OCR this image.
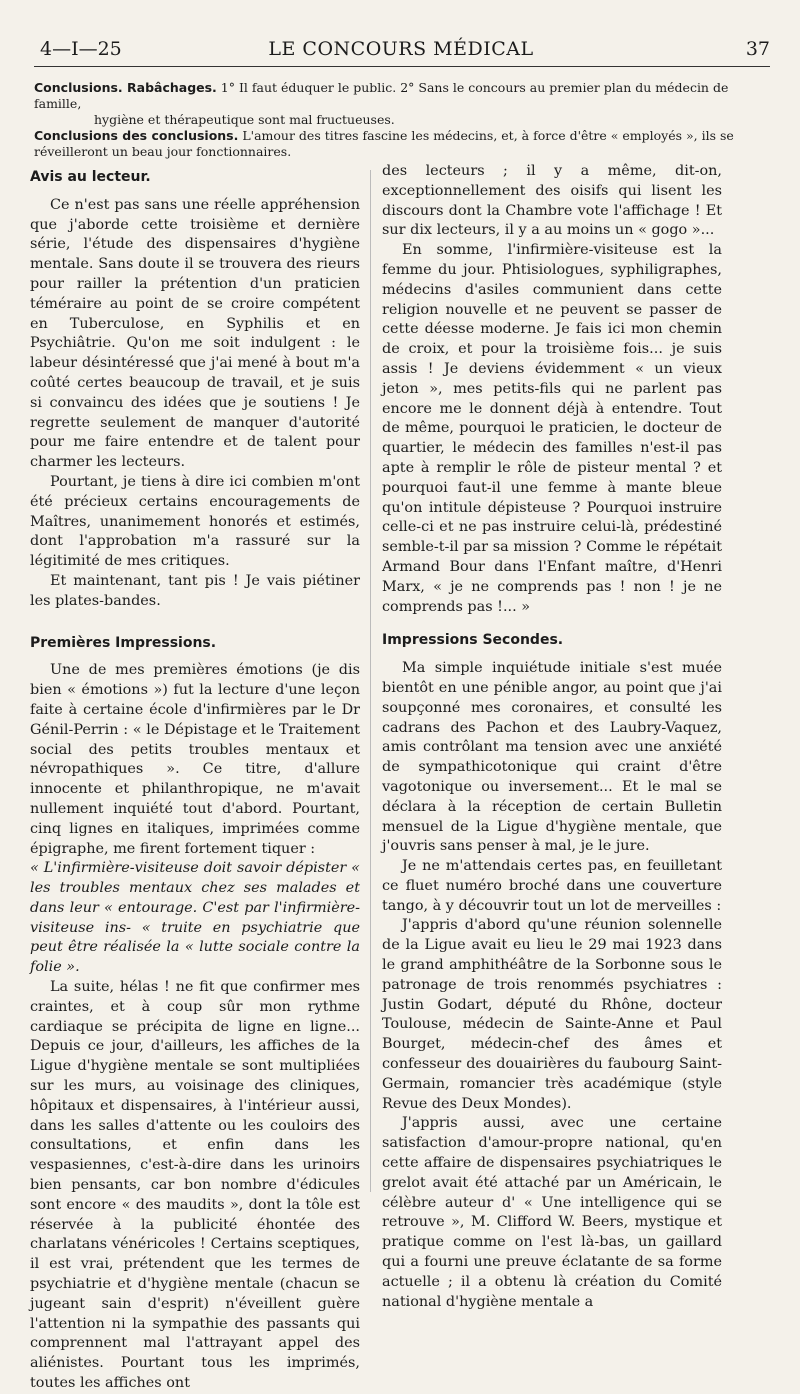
4—I—25	LE CONCOURS MÉDICAL	37

Conclusions. Rabâchages. 1° Il faut éduquer le public. 2° Sans le concours au premier plan du médecin de famille,

hygiène et thérapeutique sont mal fructueuses.

Conclusions des conclusions. L'amour des titres fascine les médecins, et, à force d'être « employés », ils se réveilleront un beau jour fonctionnaires.

Avis au lecteur.

Ce n'est pas sans une réelle appréhension que j'aborde cette troisième et dernière série, l'étude des dispensaires d'hygiène mentale. Sans doute il se trouvera des rieurs pour railler la prétention d'un praticien téméraire au point de se croire compétent en Tuberculose, en Syphilis et en Psychiâtrie. Qu'on me soit indulgent : le labeur désintéressé que j'ai mené à bout m'a coûté certes beaucoup de travail, et je suis si convaincu des idées que je soutiens ! Je regrette seulement de manquer d'autorité pour me faire entendre et de talent pour charmer les lecteurs.

Pourtant, je tiens à dire ici combien m'ont été précieux certains encouragements de Maîtres, unanimement honorés et estimés, dont l'approbation m'a rassuré sur la légitimité de mes critiques.

Et maintenant, tant pis ! Je vais piétiner les plates-bandes.

Premières Impressions.

Une de mes premières émotions (je dis bien « émotions ») fut la lecture d'une leçon faite à certaine école d'infirmières par le Dr Génil-Perrin : « le Dépistage et le Traitement social des petits troubles mentaux et névropathiques ». Ce titre, d'allure innocente et philanthropique, ne m'avait nullement inquiété tout d'abord. Pourtant, cinq lignes en italiques, imprimées comme épigraphe, me firent fortement tiquer :

« L'infirmière-visiteuse doit savoir dépister « les troubles mentaux chez ses malades et dans leur « entourage. C'est par l'infirmière-visiteuse ins- « truite en psychiatrie que peut être réalisée la « lutte sociale contre la folie ».

La suite, hélas ! ne fit que confirmer mes craintes, et à coup sûr mon rythme cardiaque se précipita de ligne en ligne... Depuis ce jour, d'ailleurs, les affiches de la Ligue d'hygiène mentale se sont multipliées sur les murs, au voisinage des cliniques, hôpitaux et dispensaires, à l'intérieur aussi, dans les salles d'attente ou les couloirs des consultations, et enfin dans les vespasiennes, c'est-à-dire dans les urinoirs bien pensants, car bon nombre d'édicules sont encore « des maudits », dont la tôle est réservée à la publicité éhontée des charlatans vénéricoles ! Certains sceptiques, il est vrai, prétendent que les termes de psychiatrie et d'hygiène mentale (chacun se jugeant sain d'esprit) n'éveillent guère l'attention ni la sympathie des passants qui comprennent mal l'attrayant appel des aliénistes. Pourtant tous les imprimés, toutes les affiches ont

des lecteurs ; il y a même, dit-on, exceptionnellement des oisifs qui lisent les discours dont la Chambre vote l'affichage ! Et sur dix lecteurs, il y a au moins un « gogo »...

En somme, l'infirmière-visiteuse est la femme du jour. Phtisiologues, syphiligraphes, médecins d'asiles communient dans cette religion nouvelle et ne peuvent se passer de cette déesse moderne. Je fais ici mon chemin de croix, et pour la troisième fois... je suis assis ! Je deviens évidemment « un vieux jeton », mes petits-fils qui ne parlent pas encore me le donnent déjà à entendre. Tout de même, pourquoi le praticien, le docteur de quartier, le médecin des familles n'est-il pas apte à remplir le rôle de pisteur mental ? et pourquoi faut-il une femme à mante bleue qu'on intitule dépisteuse ? Pourquoi instruire celle-ci et ne pas instruire celui-là, prédestiné semble-t-il par sa mission ? Comme le répétait Armand Bour dans l'Enfant maître, d'Henri Marx, « je ne comprends pas ! non ! je ne comprends pas !... »

Impressions Secondes.

Ma simple inquiétude initiale s'est muée bientôt en une pénible angor, au point que j'ai soupçonné mes coronaires, et consulté les cadrans des Pachon et des Laubry-Vaquez, amis contrôlant ma tension avec une anxiété de sympathicotonique qui craint d'être vagotonique ou inversement... Et le mal se déclara à la réception de certain Bulletin mensuel de la Ligue d'hygiène mentale, que j'ouvris sans penser à mal, je le jure.

Je ne m'attendais certes pas, en feuilletant ce fluet numéro broché dans une couverture tango, à y découvrir tout un lot de merveilles :

J'appris d'abord qu'une réunion solennelle de la Ligue avait eu lieu le 29 mai 1923 dans le grand amphithéâtre de la Sorbonne sous le patronage de trois renommés psychiatres : Justin Godart, député du Rhône, docteur Toulouse, médecin de Sainte-Anne et Paul Bourget, médecin-chef des âmes et confesseur des douairières du faubourg Saint-Germain, romancier très académique (style Revue des Deux Mondes).

J'appris aussi, avec une certaine satisfaction d'amour-propre national, qu'en cette affaire de dispensaires psychiatriques le grelot avait été attaché par un Américain, le célèbre auteur d' « Une intelligence qui se retrouve », M. Clifford W. Beers, mystique et pratique comme on l'est là-bas, un gaillard qui a fourni une preuve éclatante de sa forme actuelle ; il a obtenu là création du Comité national d'hygiène mentale a
